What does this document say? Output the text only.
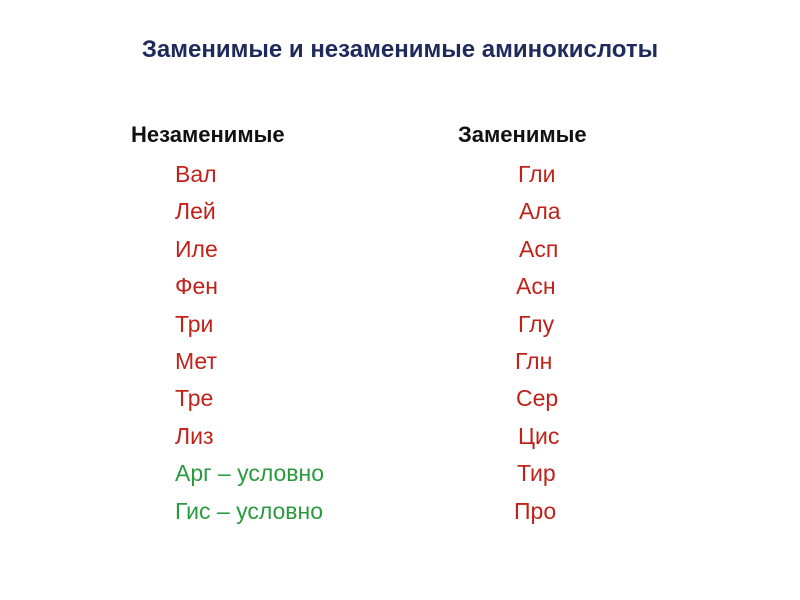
Заменимые и незаменимые аминокислоты
Незаменимые	Заменимые
Вал
Лей
Иле
Фен
Три
Мет
Тре
Лиз
Арг – условно
Гис – условно
Гли
Ала
Асп
Асн
Глу
Глн
Сер
Цис
Тир
Про
